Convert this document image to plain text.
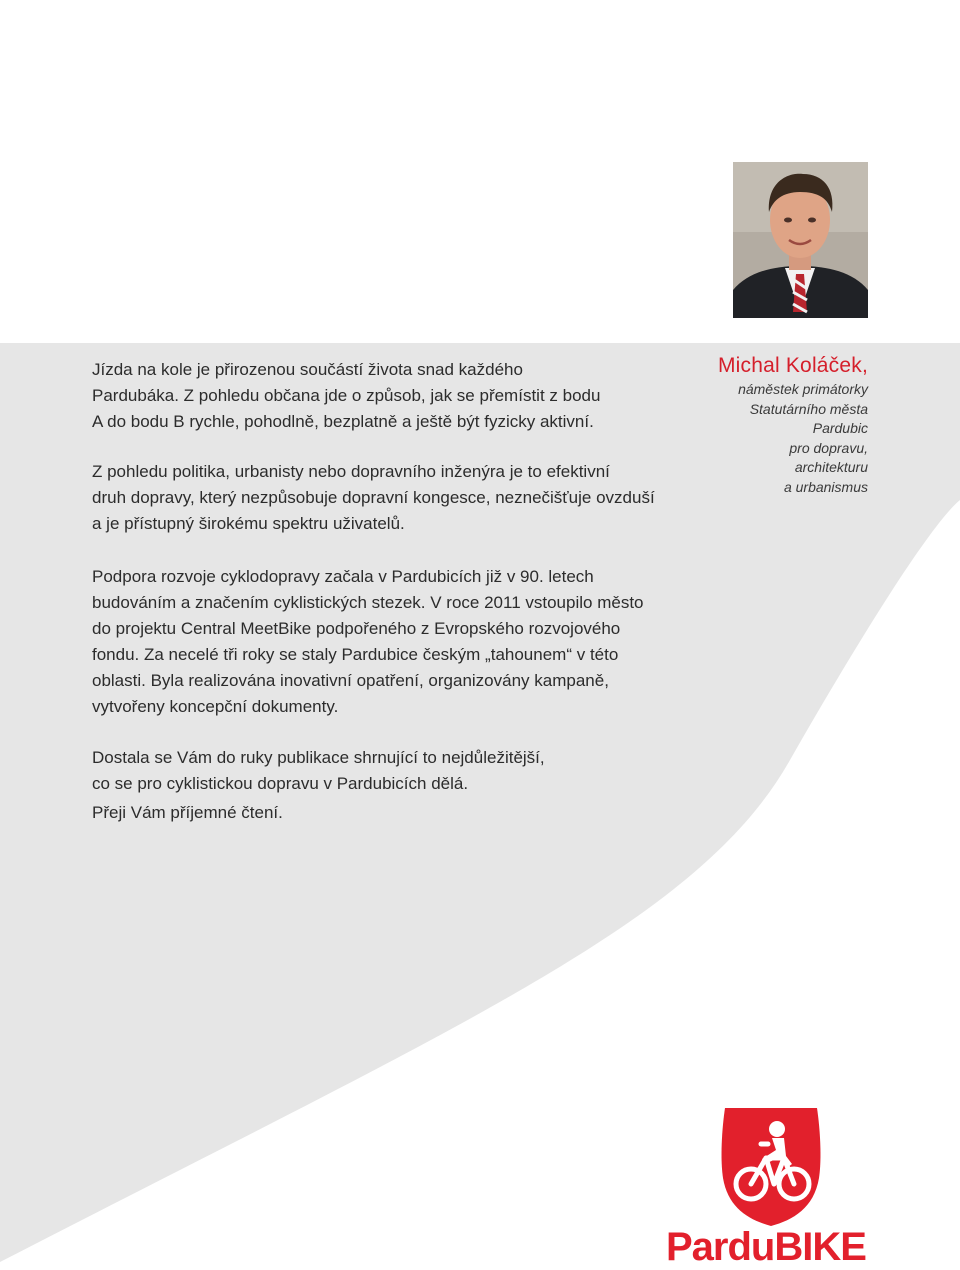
Jízda na kole je přirozenou součástí života snad každého
Pardubáka. Z pohledu občana jde o způsob, jak se přemístit z bodu
A do bodu B rychle, pohodlně, bezplatně a ještě být fyzicky aktivní.

Z pohledu politika, urbanisty nebo dopravního inženýra je to efektivní
druh dopravy, který nezpůsobuje dopravní kongesce, neznečišťuje ovzduší
a je přístupný širokému spektru uživatelů.

Podpora rozvoje cyklodopravy začala v Pardubicích již v 90. letech
budováním a značením cyklistických stezek. V roce 2011 vstoupilo město
do projektu Central MeetBike podpořeného z Evropského rozvojového
fondu. Za necelé tři roky se staly Pardubice českým „tahounem“ v této
oblasti. Byla realizována inovativní opatření, organizovány kampaně,
vytvořeny koncepční dokumenty.

Dostala se Vám do ruky publikace shrnující to nejdůležitější,
co se pro cyklistickou dopravu v Pardubicích dělá.

Přeji Vám příjemné čtení.

Michal Koláček,
náměstek primátorky
Statutárního města
Pardubic
pro dopravu,
architekturu
a urbanismus
ParduBIKE
